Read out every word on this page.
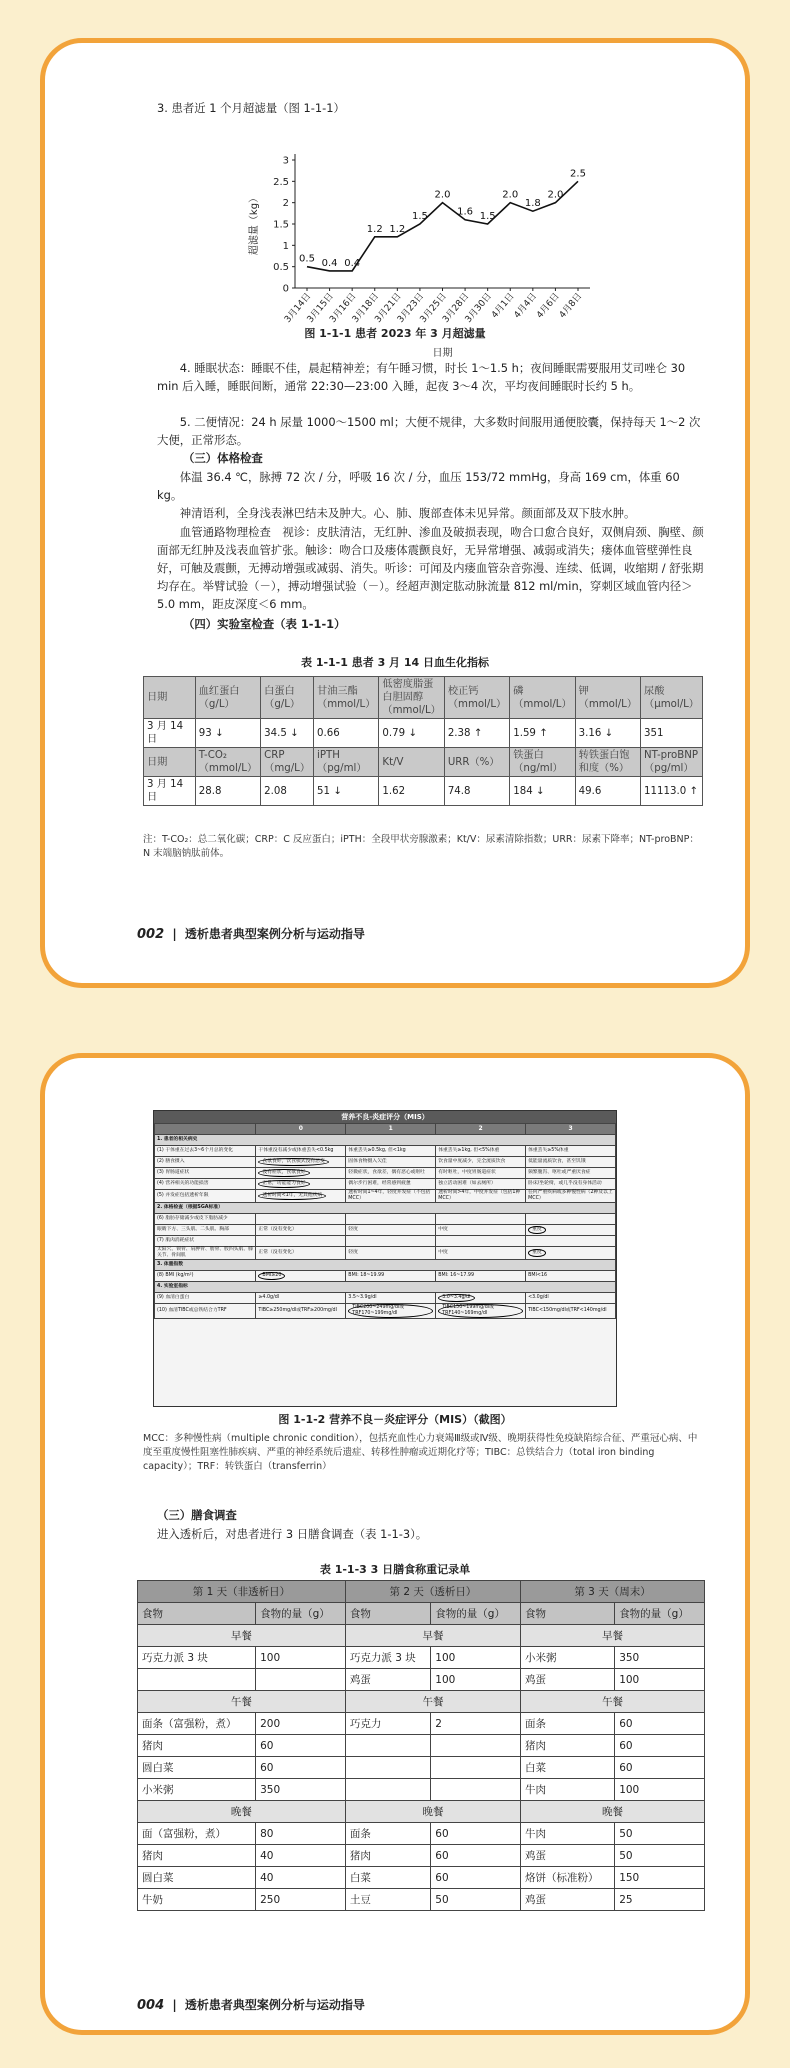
3. 患者近 1 个月超滤量（图 1-1-1）
0
0.5
1
1.5
2
2.5
3
3月14日
3月15日
3月16日
3月18日
3月21日
3月23日
3月25日
3月28日
3月30日
4月1日
4月4日
4月6日
4月8日
0.5 0.4 0.4
1.2 1.2
1.5
2.0
1.6 1.5
2.0
1.8
2.0
2.5
超滤量（kg）
日期
图 1-1-1 患者 2023 年 3 月超滤量
4. 睡眠状态：睡眠不佳，晨起精神差；有午睡习惯，时长 1～1.5 h；夜间睡眠需要服用艾司唑仑 30 min 后入睡，睡眠间断，通常 22:30—23:00 入睡，起夜 3～4 次，平均夜间睡眠时长约 5 h。
5. 二便情况：24 h 尿量 1000～1500 ml；大便不规律，大多数时间服用通便胶囊，保持每天 1～2 次大便，正常形态。
（三）体格检查
体温 36.4 ℃，脉搏 72 次 / 分，呼吸 16 次 / 分，血压 153/72 mmHg，身高 169 cm，体重 60 kg。
神清语利，全身浅表淋巴结未及肿大。心、肺、腹部查体未见异常。颜面部及双下肢水肿。
血管通路物理检查　视诊：皮肤清洁，无红肿、渗血及破损表现，吻合口愈合良好，双侧肩颈、胸壁、颜面部无红肿及浅表血管扩张。触诊：吻合口及瘘体震颤良好，无异常增强、减弱或消失；瘘体血管壁弹性良好，可触及震颤，无搏动增强或减弱、消失。听诊：可闻及内瘘血管杂音弥漫、连续、低调，收缩期 / 舒张期均存在。举臂试验（－），搏动增强试验（－）。经超声测定肱动脉流量 812 ml/min，穿刺区域血管内径＞5.0 mm，距皮深度＜6 mm。
（四）实验室检查（表 1-1-1）
表 1-1-1 患者 3 月 14 日血生化指标
日期	血红蛋白（g/L）	白蛋白（g/L）	甘油三酯（mmol/L）	低密度脂蛋白胆固醇（mmol/L）	校正钙（mmol/L）	磷（mmol/L）	钾（mmol/L）	尿酸（μmol/L）
3 月 14 日	93 ↓	34.5 ↓	0.66	0.79 ↓	2.38 ↑	1.59 ↑	3.16 ↓	351
日期	T-CO₂（mmol/L）	CRP（mg/L）	iPTH（pg/ml）	Kt/V	URR（%）	铁蛋白（ng/ml）	转铁蛋白饱和度（%）	NT-proBNP（pg/ml）
3 月 14 日	28.8	2.08	51 ↓	1.62	74.8	184 ↓	49.6	11113.0 ↑
注：T-CO₂：总二氧化碳；CRP：C 反应蛋白；iPTH：全段甲状旁腺激素；Kt/V：尿素清除指数；URR：尿素下降率；NT-proBNP：N 末端脑钠肽前体。
002 | 透析患者典型案例分析与运动指导
营养不良-炎症评分（MIS）
	0	1	2	3
1. 患者的相关病史				
(1) 干体重在过去3~6个月总的变化	干体重没有减少或体重丢失<0.5kg	体重丢失≥0.5kg, 但<1kg	体重丢失≥1kg, 但<5%体重	体重丢失≥5%体重
(2) 膳食摄入	食欲良好，饮食模式没有恶变	固体食物摄入欠佳	饮食量中度减少，完全流质饮食	低能量流质饮食，甚至饥饿
(3) 胃肠道症状	没有症状，食欲良好	轻微症状，食欲差，偶有恶心或呕吐	有时呕吐，中度胃肠道症状	频繁腹泻、呕吐或严重厌食症
(4) 营养相关的功能损害	正常，功能能力良好	偶尔步行困难，经常感到疲惫	独立活动困难（如去厕所）	卧床/坐轮椅，或几乎没有身体活动
(5) 并发症包括透析年限	透析时间<1年，无其他疾病	透析时间1~4年，轻度并发症（不包括MCC）	透析时间>4年，中度并发症（包括1种MCC）	任何严重疾病或多种慢性病（2种及以上MCC）
2. 体格检查（根据SGA标准）				
(6) 脂肪存储减少或皮下脂肪减少				
眼睛下方、三头肌、二头肌、胸部	正常（没有变化）	轻度	中度	重度
(7) 肌肉消耗症状				
太阳穴、锁骨、肩胛骨、肋骨、股四头肌、膝关节、骨间肌	正常（没有变化）	轻度	中度	重度
3. 体重指数				
(8) BMI (kg/m²)	BMI≥20	BMI: 18~19.99	BMI: 16~17.99	BMI<16
4. 实验室指标				
(9) 血清白蛋白	≥4.0g/dl	3.5~3.9g/dl	3.0~3.4g/dl	<3.0g/dl
(10) 血清TIBC或总铁结合力TRF	TIBC≥250mg/dl或TRF≥200mg/dl	TIBC200~249mg/dl或TRF170~199mg/dl	TIBC150~199mg/dl或TRF140~169mg/dl	TIBC<150mg/dl或TRF<140mg/dl
图 1-1-2 营养不良－炎症评分（MIS）（截图）
MCC：多种慢性病（multiple chronic condition），包括充血性心力衰竭Ⅲ级或Ⅳ级、晚期获得性免疫缺陷综合征、严重冠心病、中度至重度慢性阻塞性肺疾病、严重的神经系统后遗症、转移性肿瘤或近期化疗等；TIBC：总铁结合力（total iron binding capacity）；TRF：转铁蛋白（transferrin）
（三）膳食调查
进入透析后，对患者进行 3 日膳食调查（表 1-1-3）。
表 1-1-3 3 日膳食称重记录单
第 1 天（非透析日）		第 2 天（透析日）		第 3 天（周末）	
食物	食物的量（g）	食物	食物的量（g）	食物	食物的量（g）
早餐		早餐		早餐	
巧克力派 3 块	100	巧克力派 3 块	100	小米粥	350
		鸡蛋	100	鸡蛋	100
午餐		午餐		午餐	
面条（富强粉，煮）	200	巧克力	2	面条	60
猪肉	60			猪肉	60
圆白菜	60			白菜	60
小米粥	350			牛肉	100
晚餐		晚餐		晚餐	
面（富强粉，煮）	80	面条	60	牛肉	50
猪肉	40	猪肉	60	鸡蛋	50
圆白菜	40	白菜	60	烙饼（标准粉）	150
牛奶	250	土豆	50	鸡蛋	25
004 | 透析患者典型案例分析与运动指导
